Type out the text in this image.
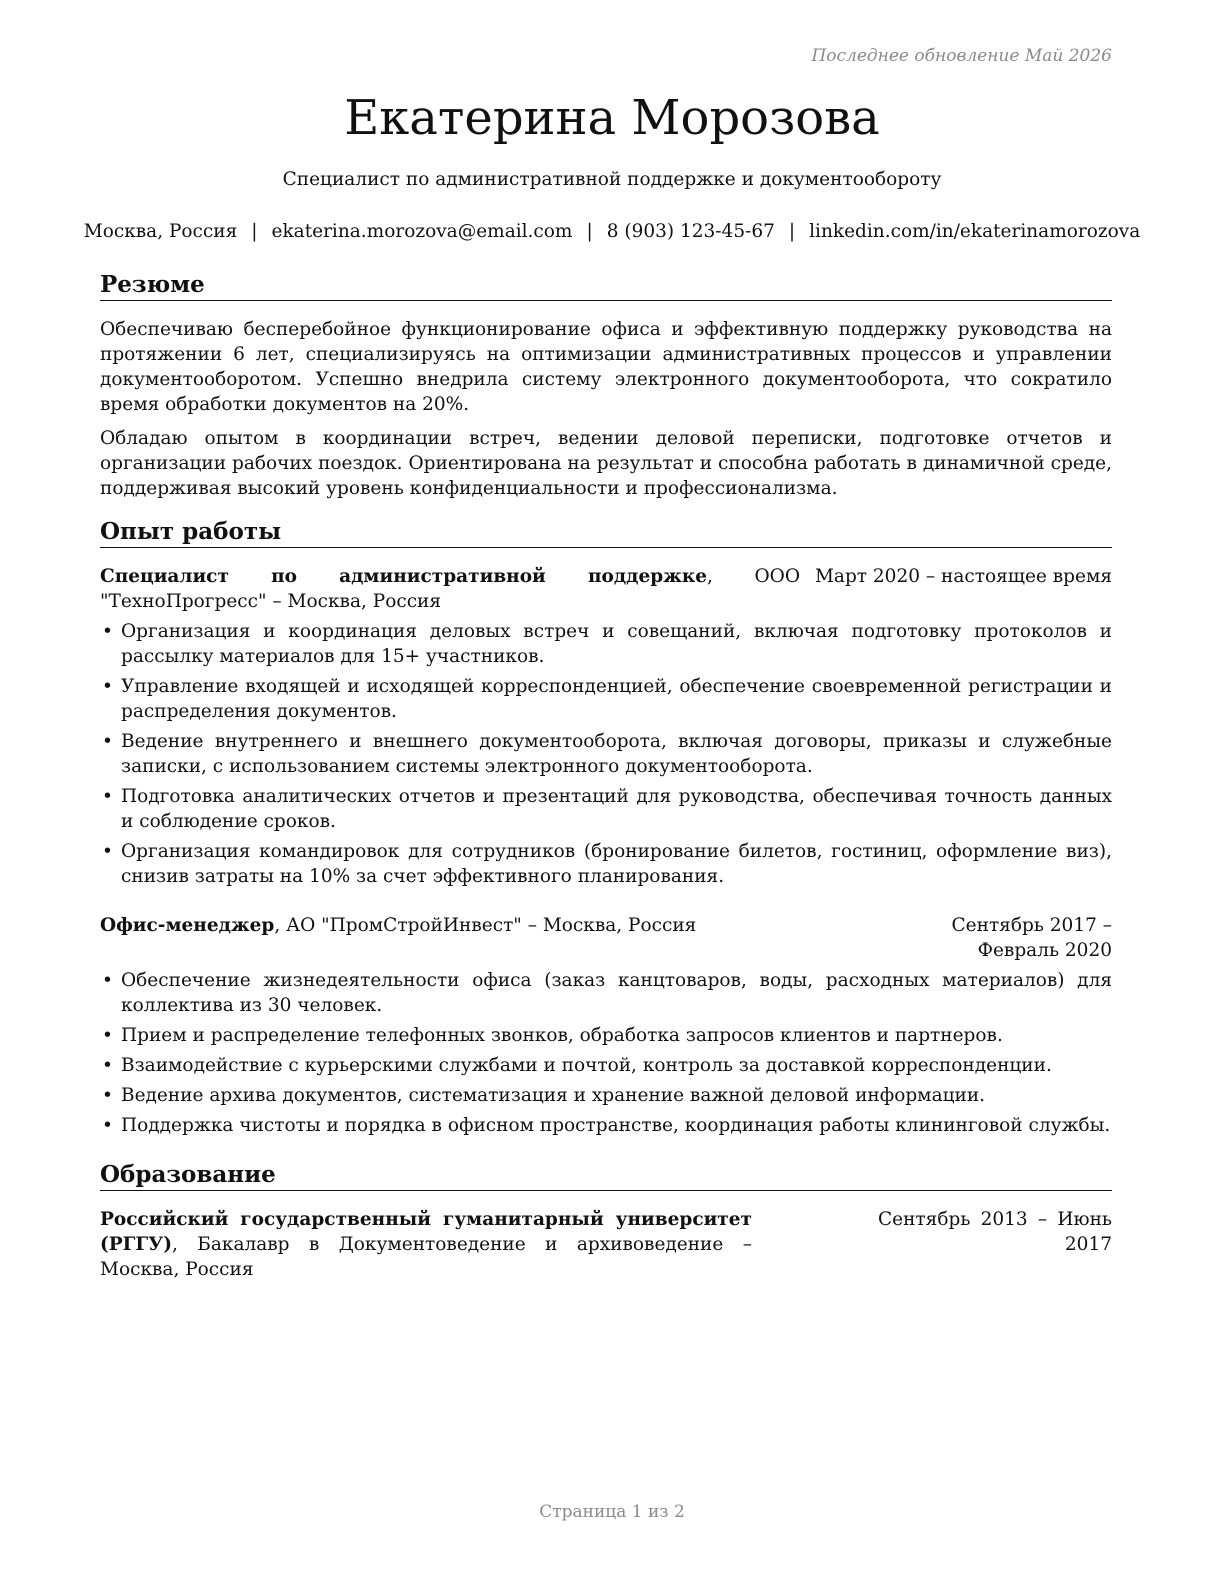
Последнее обновление Май 2026
Екатерина Морозова
Специалист по административной поддержке и документообороту
Москва, Россия | ekaterina.morozova@email.com | 8 (903) 123-45-67 | linkedin.com/in/ekaterinamorozova
Резюме

Обеспечиваю бесперебойное функционирование офиса и эффективную поддержку руководства на протяжении 6 лет, специализируясь на оптимизации административных процессов и управлении документооборотом. Успешно внедрила систему электронного документооборота, что сократило время обработки документов на 20%.

Обладаю опытом в координации встреч, ведении деловой переписки, подготовке отчетов и организации рабочих поездок. Ориентирована на результат и способна работать в динамичной среде, поддерживая высокий уровень конфиденциальности и профессионализма.

Опыт работы
Специалист по административной поддержке, ООО "ТехноПрогресс" – Москва, Россия
Март 2020 – настоящее время
• Организация и координация деловых встреч и совещаний, включая подготовку протоколов и рассылку материалов для 15+ участников.
• Управление входящей и исходящей корреспонденцией, обеспечение своевременной регистрации и распределения документов.
• Ведение внутреннего и внешнего документооборота, включая договоры, приказы и служебные записки, с использованием системы электронного документооборота.
• Подготовка аналитических отчетов и презентаций для руководства, обеспечивая точность данных и соблюдение сроков.
• Организация командировок для сотрудников (бронирование билетов, гостиниц, оформление виз), снизив затраты на 10% за счет эффективного планирования.
Офис-менеджер, АО "ПромСтройИнвест" – Москва, Россия	Сентябрь 2017 – Февраль 2020
• Обеспечение жизнедеятельности офиса (заказ канцтоваров, воды, расходных материалов) для коллектива из 30 человек.
• Прием и распределение телефонных звонков, обработка запросов клиентов и партнеров.
• Взаимодействие с курьерскими службами и почтой, контроль за доставкой корреспонденции.
• Ведение архива документов, систематизация и хранение важной деловой информации.
• Поддержка чистоты и порядка в офисном пространстве, координация работы клининговой службы.
Образование
Российский государственный гуманитарный университет (РГГУ), Бакалавр в Документоведение и архивоведение – Москва, Россия
Сентябрь 2013 – Июнь 2017
Страница 1 из 2
